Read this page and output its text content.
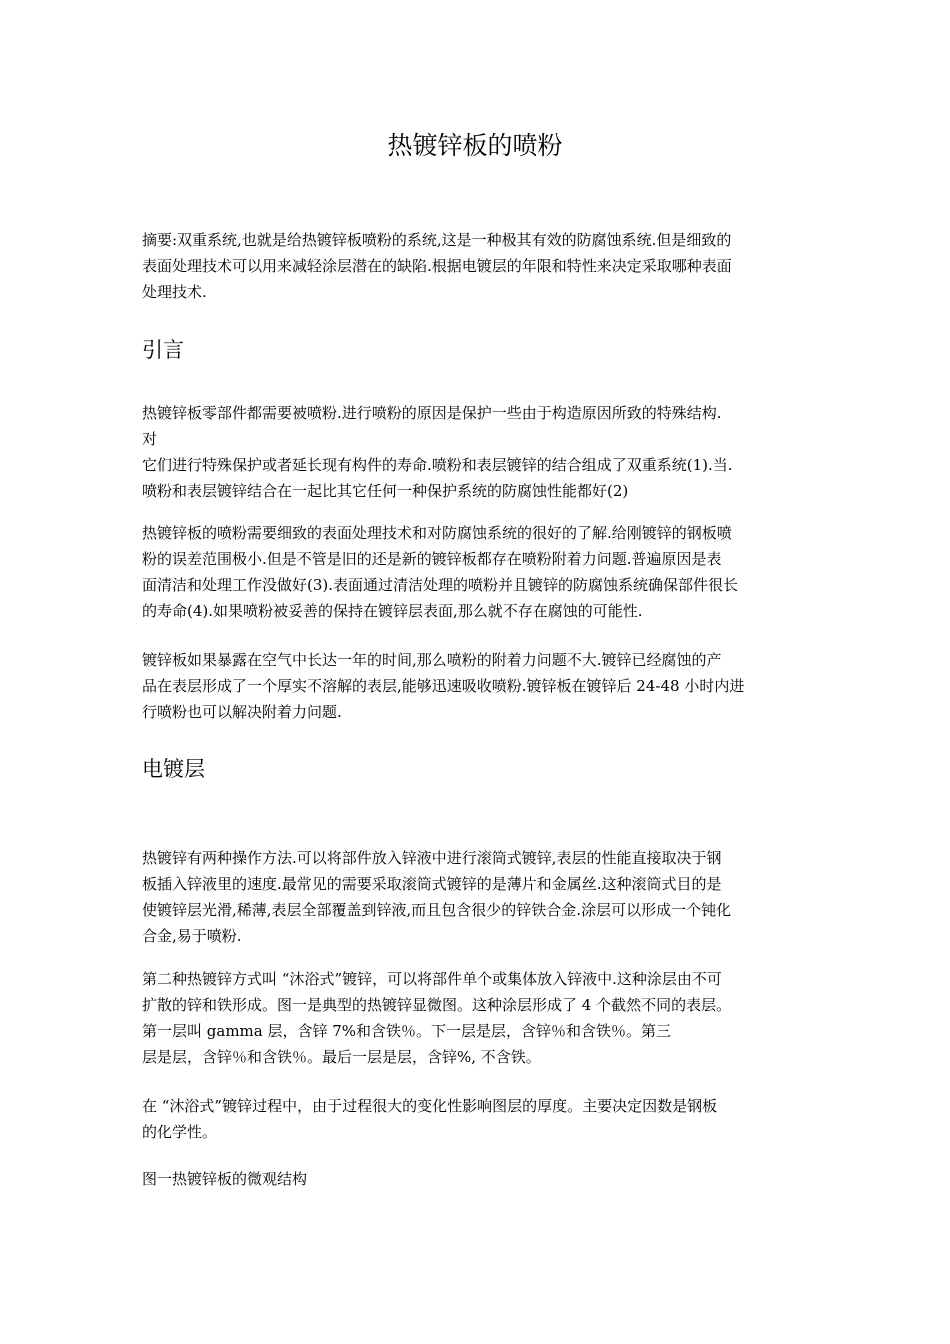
热镀锌板的喷粉
摘要:双重系统,也就是给热镀锌板喷粉的系统,这是一种极其有效的防腐蚀系统.但是细致的
表面处理技术可以用来减轻涂层潜在的缺陷.根据电镀层的年限和特性来决定采取哪种表面
处理技术.
引言
热镀锌板零部件都需要被喷粉.进行喷粉的原因是保护一些由于构造原因所致的特殊结构.
对
它们进行特殊保护或者延长现有构件的寿命.喷粉和表层镀锌的结合组成了双重系统(1).当.
喷粉和表层镀锌结合在一起比其它任何一种保护系统的防腐蚀性能都好(2)
热镀锌板的喷粉需要细致的表面处理技术和对防腐蚀系统的很好的了解.给刚镀锌的钢板喷
粉的误差范围极小.但是不管是旧的还是新的镀锌板都存在喷粉附着力问题.普遍原因是表
面清洁和处理工作没做好(3).表面通过清洁处理的喷粉并且镀锌的防腐蚀系统确保部件很长
的寿命(4).如果喷粉被妥善的保持在镀锌层表面,那么就不存在腐蚀的可能性.
镀锌板如果暴露在空气中长达一年的时间,那么喷粉的附着力问题不大.镀锌已经腐蚀的产
品在表层形成了一个厚实不溶解的表层,能够迅速吸收喷粉.镀锌板在镀锌后 24-48 小时内进
行喷粉也可以解决附着力问题.
电镀层
热镀锌有两种操作方法.可以将部件放入锌液中进行滚筒式镀锌,表层的性能直接取决于钢
板插入锌液里的速度.最常见的需要采取滚筒式镀锌的是薄片和金属丝.这种滚筒式目的是
使镀锌层光滑,稀薄,表层全部覆盖到锌液,而且包含很少的锌铁合金.涂层可以形成一个钝化
合金,易于喷粉.
第二种热镀锌方式叫 “沐浴式”镀锌，可以将部件单个或集体放入锌液中.这种涂层由不可
扩散的锌和铁形成。图一是典型的热镀锌显微图。这种涂层形成了 4 个截然不同的表层。
第一层叫 gamma 层，含锌 7%和含铁％。下一层是层，含锌％和含铁％。第三
层是层，含锌％和含铁％。最后一层是层，含锌%, 不含铁。
在 “沐浴式”镀锌过程中，由于过程很大的变化性影响图层的厚度。主要决定因数是钢板
的化学性。
图一热镀锌板的微观结构
